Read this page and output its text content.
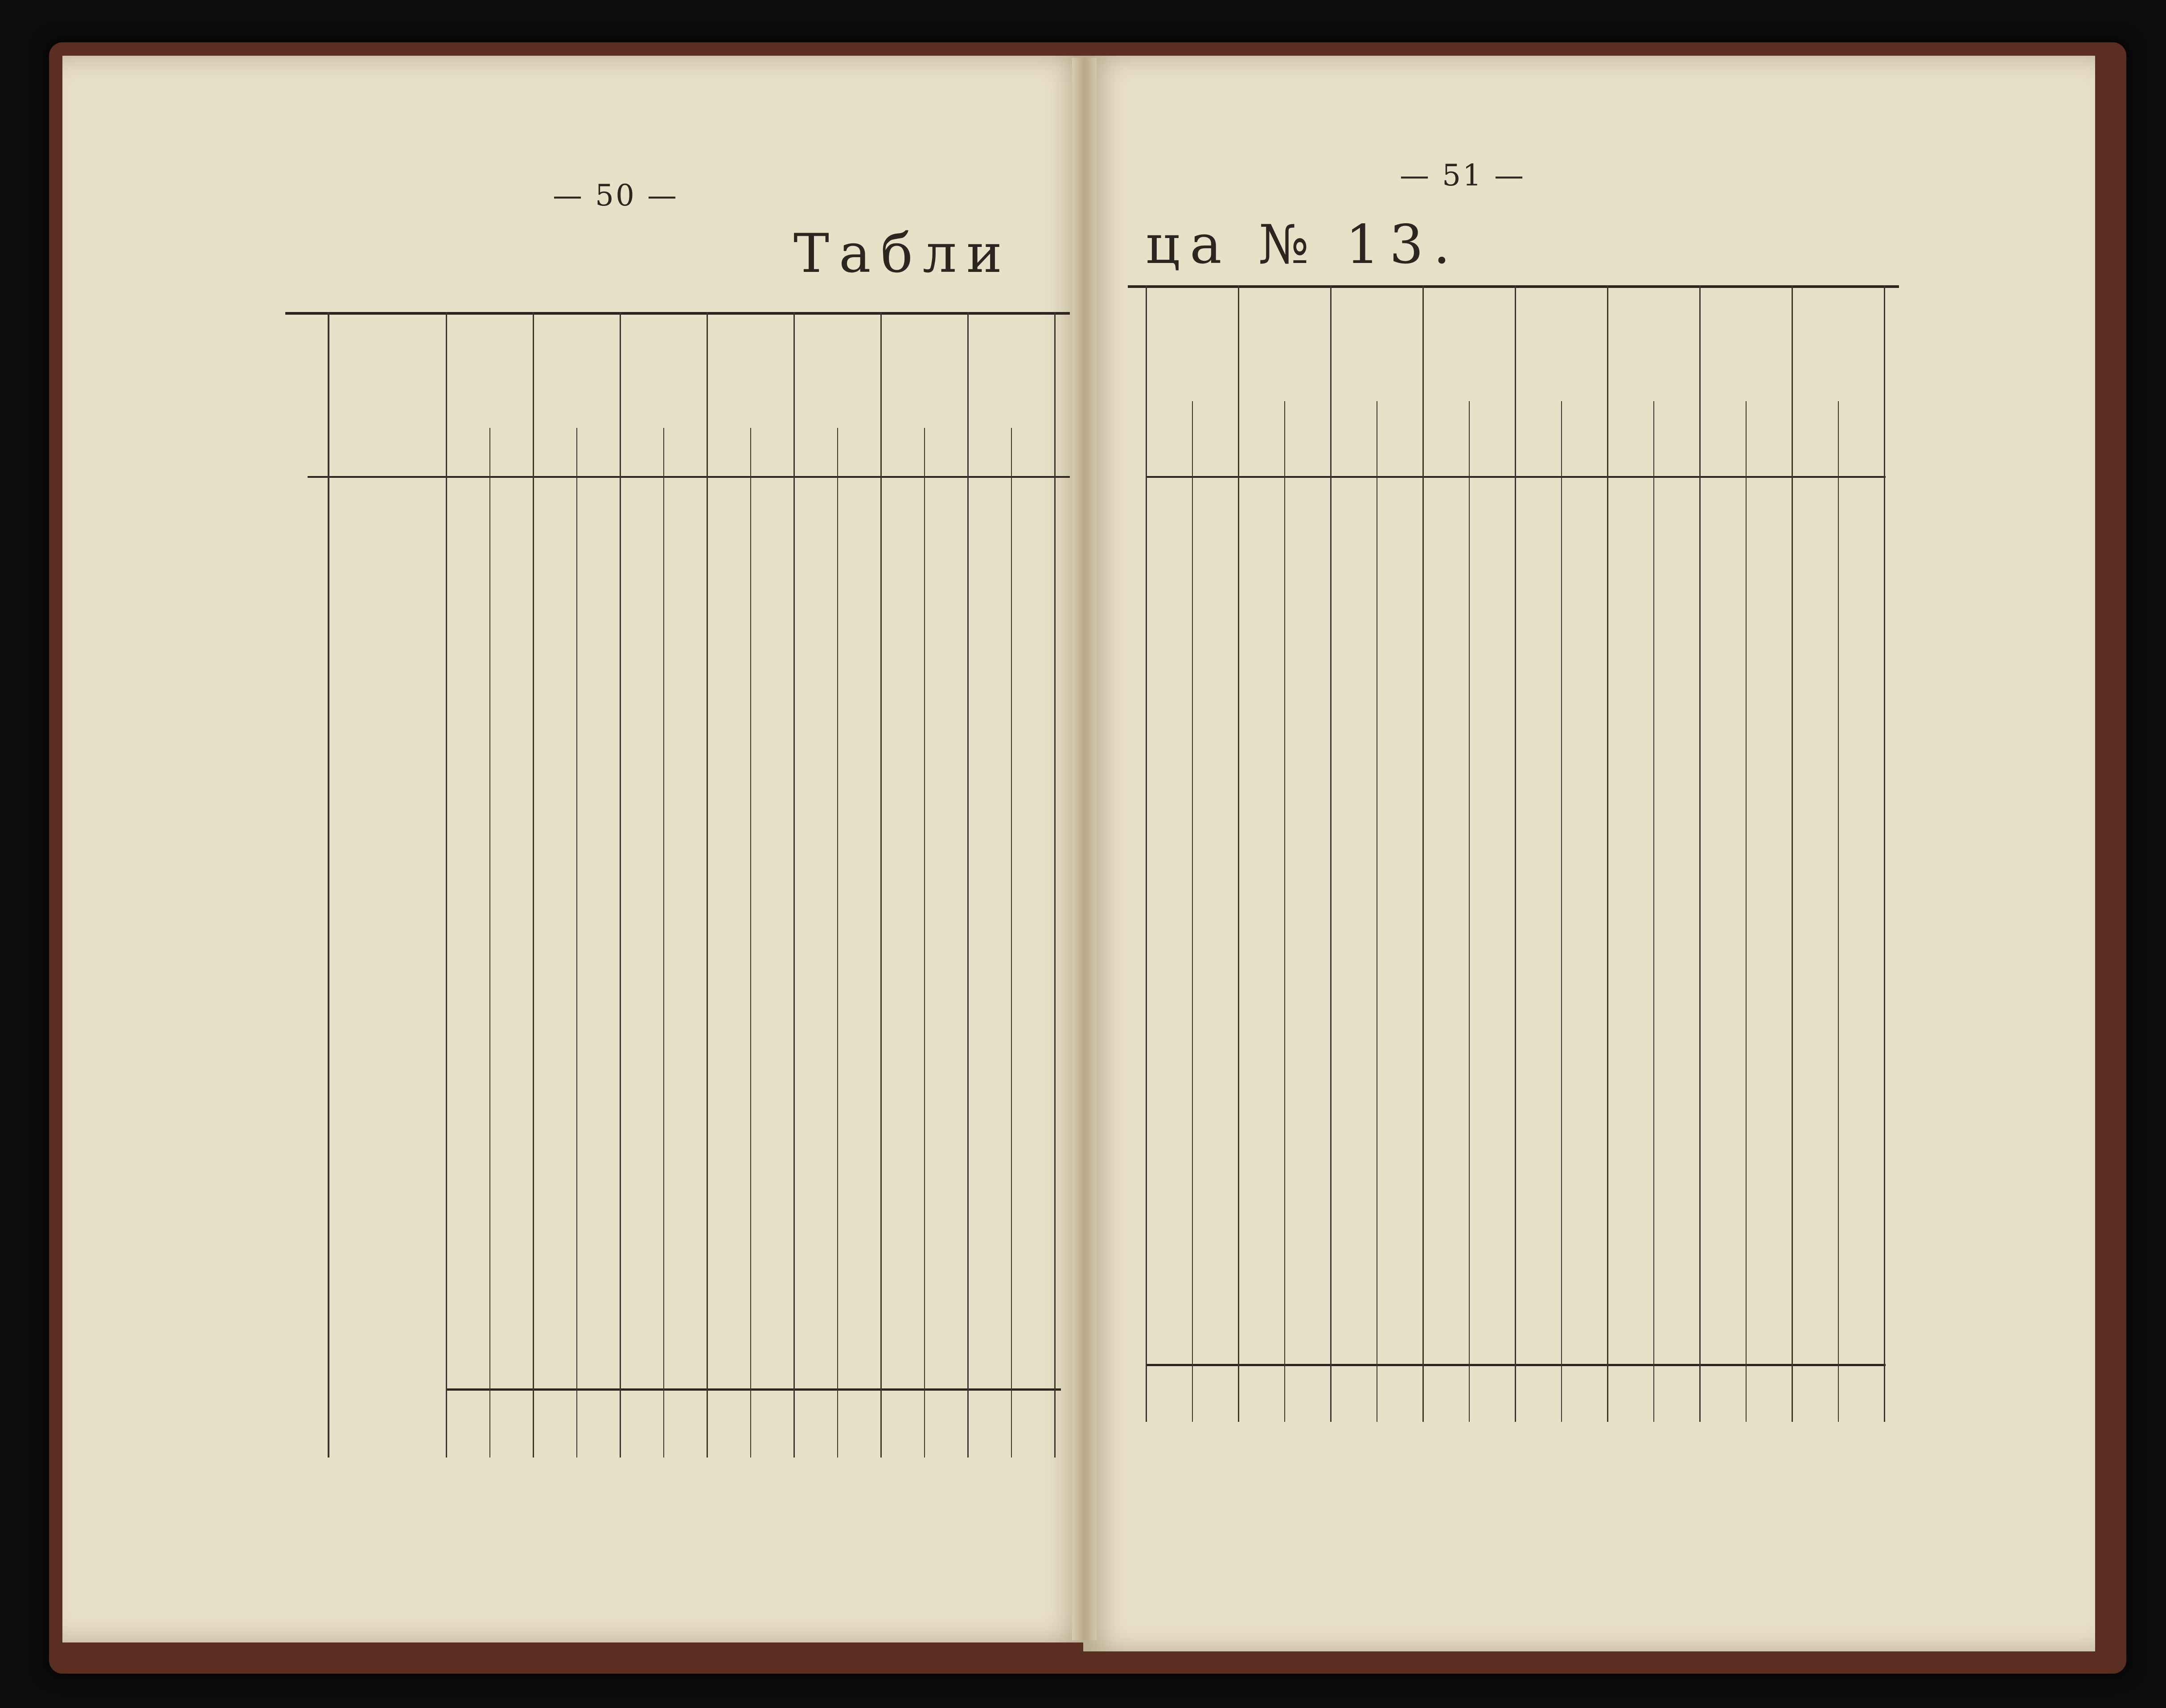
— 50 —
— 51 —
Табли ца № 13.
